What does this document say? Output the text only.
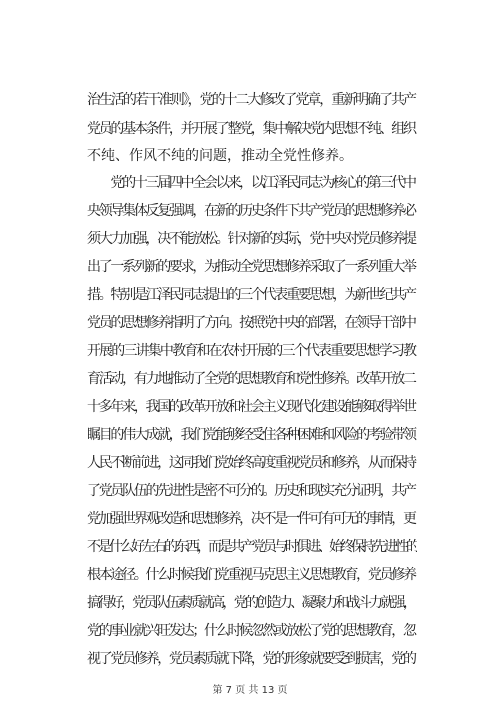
治生活的若干准则》，党的十二大修改了党章，重新明确了共产
党员的基本条件，并开展了整党，集中解决党内思想不纯、组织
不纯、作风不纯的问题，推动全党性修养。
　　党的十三届四中全会以来，以江泽民同志为核心的第三代中
央领导集体反复强调，在新的历史条件下共产党员的思想修养必
须大力加强，决不能放松。针对新的实际，党中央对党员修养提
出了一系列新的要求，为推动全党思想修养采取了一系列重大举
措。特别是江泽民同志提出的三个代表重要思想，为新世纪共产
党员的思想修养指明了方向。按照党中央的部署，在领导干部中
开展的三讲集中教育和在农村开展的三个代表重要思想学习教
育活动，有力地推动了全党的思想教育和党性修养。改革开放二
十多年来，我国的改革开放和社会主义现代化建设能够取得举世
瞩目的伟大成就，我们党能够经受住各种困难和风险的考验带领
人民不断前进，这同我们党始终高度重视党员和修养，从而保持
了党员队伍的先进性是密不可分的。历史和现实充分证明，共产
党加强世界观改造和思想修养，决不是一件可有可无的事情，更
不是什么好左右的东西，而是共产党员与时俱进、始终保持先进性的
根本途径。什么时候我们党重视马克思主义思想教育，党员修养
搞得好，党员队伍素质就高，党的创造力、凝聚力和战斗力就强，
党的事业就兴旺发达；什么时候忽然或放松了党的思想教育，忽
视了党员修养，党员素质就下降，党的形象就要受到损害，党的
第 7 页 共 13 页
